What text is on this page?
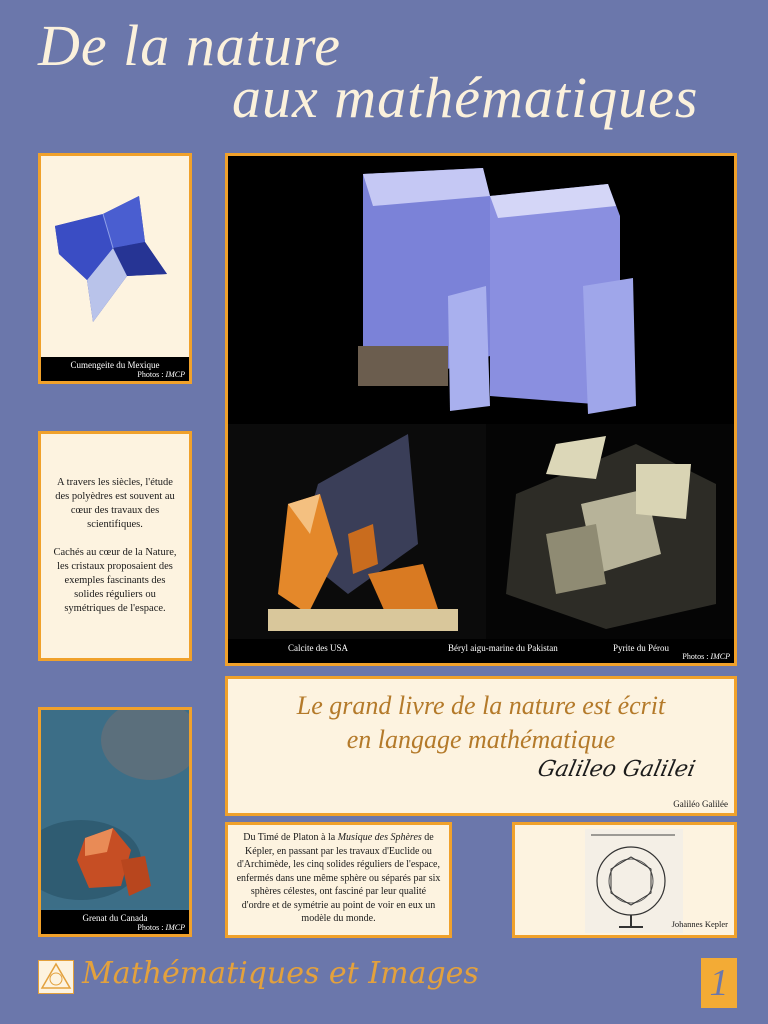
De la nature
aux mathématiques
Cumengeite du Mexique
Photos : IMCP
A travers les siècles, l'étude des polyèdres est souvent au cœur des travaux des scientifiques.
Cachés au cœur de la Nature, les cristaux proposaient des exemples fascinants des solides réguliers ou symétriques de l'espace.
Calcite des USA	Béryl aigu-marine du Pakistan	Pyrite du Pérou
Photos : IMCP
Le grand livre de la nature est écrit
en langage mathématique
Galileo Galilei
Galiléo Galilée
Grenat du Canada
Photos : IMCP
Du Timé de Platon à la Musique des Sphères de Képler, en passant par les travaux d'Euclide ou d'Archimède, les cinq solides réguliers de l'espace, enfermés dans une même sphère ou séparés par six sphères célestes, ont fasciné par leur qualité d'ordre et de symétrie au point de voir en eux un modèle du monde.	Johannes Kepler
Mathématiques et Images	1
